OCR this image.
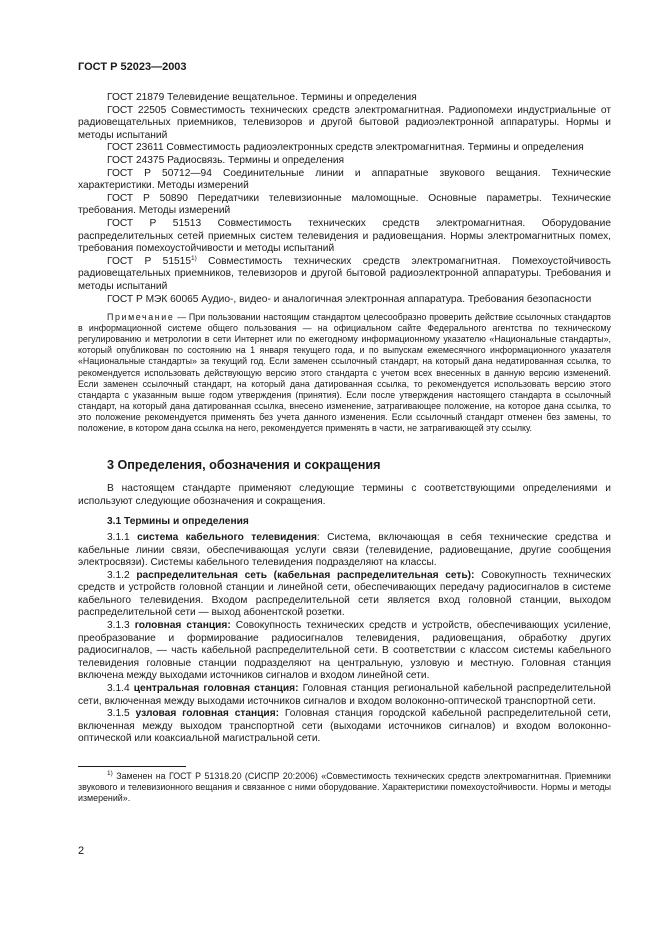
ГОСТ Р 52023—2003

ГОСТ 21879 Телевидение вещательное. Термины и определения

ГОСТ 22505 Совместимость технических средств электромагнитная. Радиопомехи индустриальные от радиовещательных приемников, телевизоров и другой бытовой радиоэлектронной аппаратуры. Нормы и методы испытаний

ГОСТ 23611 Совместимость радиоэлектронных средств электромагнитная. Термины и определения

ГОСТ 24375 Радиосвязь. Термины и определения

ГОСТ Р 50712—94 Соединительные линии и аппаратные звукового вещания. Технические характеристики. Методы измерений

ГОСТ Р 50890 Передатчики телевизионные маломощные. Основные параметры. Технические требования. Методы измерений

ГОСТ Р 51513 Совместимость технических средств электромагнитная. Оборудование распределительных сетей приемных систем телевидения и радиовещания. Нормы электромагнитных помех, требования помехоустойчивости и методы испытаний

ГОСТ Р 51515$^{1)}$ Совместимость технических средств электромагнитная. Помехоустойчивость радиовещательных приемников, телевизоров и другой бытовой радиоэлектронной аппаратуры. Требования и методы испытаний

ГОСТ Р МЭК 60065 Аудио-, видео- и аналогичная электронная аппаратура. Требования безопасности

Примечание — При пользовании настоящим стандартом целесообразно проверить действие ссылочных стандартов в информационной системе общего пользования — на официальном сайте Федерального агентства по техническому регулированию и метрологии в сети Интернет или по ежегодному информационному указателю «Национальные стандарты», который опубликован по состоянию на 1 января текущего года, и по выпускам ежемесячного информационного указателя «Национальные стандарты» за текущий год. Если заменен ссылочный стандарт, на который дана недатированная ссылка, то рекомендуется использовать действующую версию этого стандарта с учетом всех внесенных в данную версию изменений. Если заменен ссылочный стандарт, на который дана датированная ссылка, то рекомендуется использовать версию этого стандарта с указанным выше годом утверждения (принятия). Если после утверждения настоящего стандарта в ссылочный стандарт, на который дана датированная ссылка, внесено изменение, затрагивающее положение, на которое дана ссылка, то это положение рекомендуется применять без учета данного изменения. Если ссылочный стандарт отменен без замены, то положение, в котором дана ссылка на него, рекомендуется применять в части, не затрагивающей эту ссылку.

3 Определения, обозначения и сокращения

В настоящем стандарте применяют следующие термины с соответствующими определениями и используют следующие обозначения и сокращения.

3.1 Термины и определения

3.1.1 система кабельного телевидения: Система, включающая в себя технические средства и кабельные линии связи, обеспечивающая услуги связи (телевидение, радиовещание, другие сообщения электросвязи). Системы кабельного телевидения подразделяют на классы.

3.1.2 распределительная сеть (кабельная распределительная сеть): Совокупность технических средств и устройств головной станции и линейной сети, обеспечивающих передачу радиосигналов в системе кабельного телевидения. Входом распределительной сети является вход головной станции, выходом распределительной сети — выход абонентской розетки.

3.1.3 головная станция: Совокупность технических средств и устройств, обеспечивающих усиление, преобразование и формирование радиосигналов телевидения, радиовещания, обработку других радиосигналов, — часть кабельной распределительной сети. В соответствии с классом системы кабельного телевидения головные станции подразделяют на центральную, узловую и местную. Головная станция включена между выходами источников сигналов и входом линейной сети.

3.1.4 центральная головная станция: Головная станция региональной кабельной распределительной сети, включенная между выходами источников сигналов и входом волоконно-оптической транспортной сети.

3.1.5 узловая головная станция: Головная станция городской кабельной распределительной сети, включенная между выходом транспортной сети (выходами источников сигналов) и входом волоконно-оптической или коаксиальной магистральной сети.

$^{1)}$ Заменен на ГОСТ Р 51318.20 (СИСПР 20:2006) «Совместимость технических средств электромагнитная. Приемники звукового и телевизионного вещания и связанное с ними оборудование. Характеристики помехоустойчивости. Нормы и методы измерений».

2
